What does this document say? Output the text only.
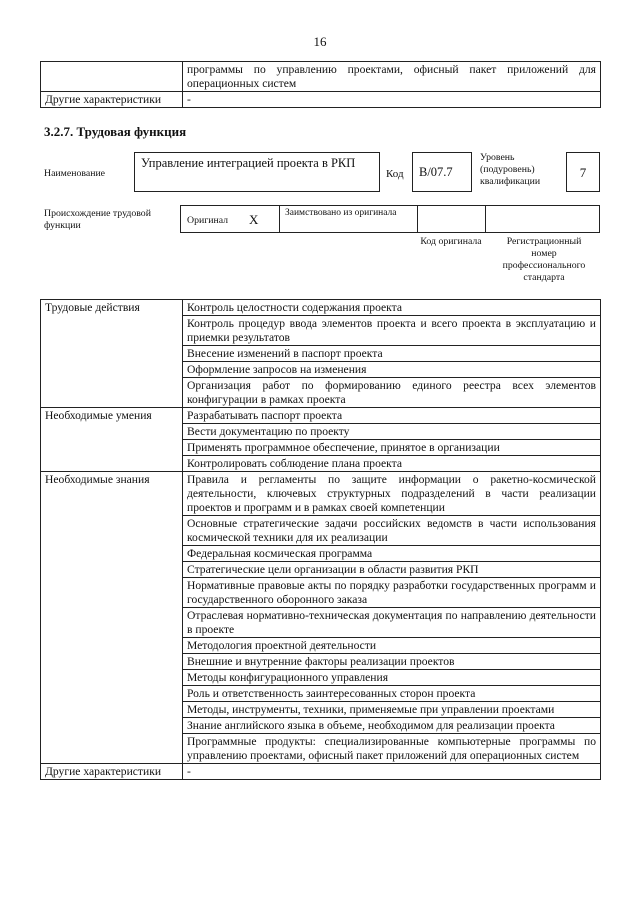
16
	программы по управлению проектами, офисный пакет приложений для операционных систем
Другие характеристики	-
3.2.7. Трудовая функция
Наименование
Управление интеграцией проекта в РКП
Код	B/07.7
Уровень (подуровень) квалификации
7
Происхождение трудовой функции	Оригинал X	Заимствовано из оригинала
Код оригинала	Регистрационный номер профессионального стандарта
Трудовые действия	Контроль целостности содержания проекта
	Контроль процедур ввода элементов проекта и всего проекта в эксплуатацию и приемки результатов
	Внесение изменений в паспорт проекта
	Оформление запросов на изменения
	Организация работ по формированию единого реестра всех элементов конфигурации в рамках проекта
Необходимые умения	Разрабатывать паспорт проекта
	Вести документацию по проекту
	Применять программное обеспечение, принятое в организации
	Контролировать соблюдение плана проекта
Необходимые знания	Правила и регламенты по защите информации о ракетно-космической деятельности, ключевых структурных подразделений в части реализации проектов и программ и в рамках своей компетенции
	Основные стратегические задачи российских ведомств в части использования космической техники для их реализации
	Федеральная космическая программа
	Стратегические цели организации в области развития РКП
	Нормативные правовые акты по порядку разработки государственных программ и государственного оборонного заказа
	Отраслевая нормативно-техническая документация по направлению деятельности в проекте
	Методология проектной деятельности
	Внешние и внутренние факторы реализации проектов
	Методы конфигурационного управления
	Роль и ответственность заинтересованных сторон проекта
	Методы, инструменты, техники, применяемые при управлении проектами
	Знание английского языка в объеме, необходимом для реализации проекта
	Программные продукты: специализированные компьютерные программы по управлению проектами, офисный пакет приложений для операционных систем
Другие характеристики	-
